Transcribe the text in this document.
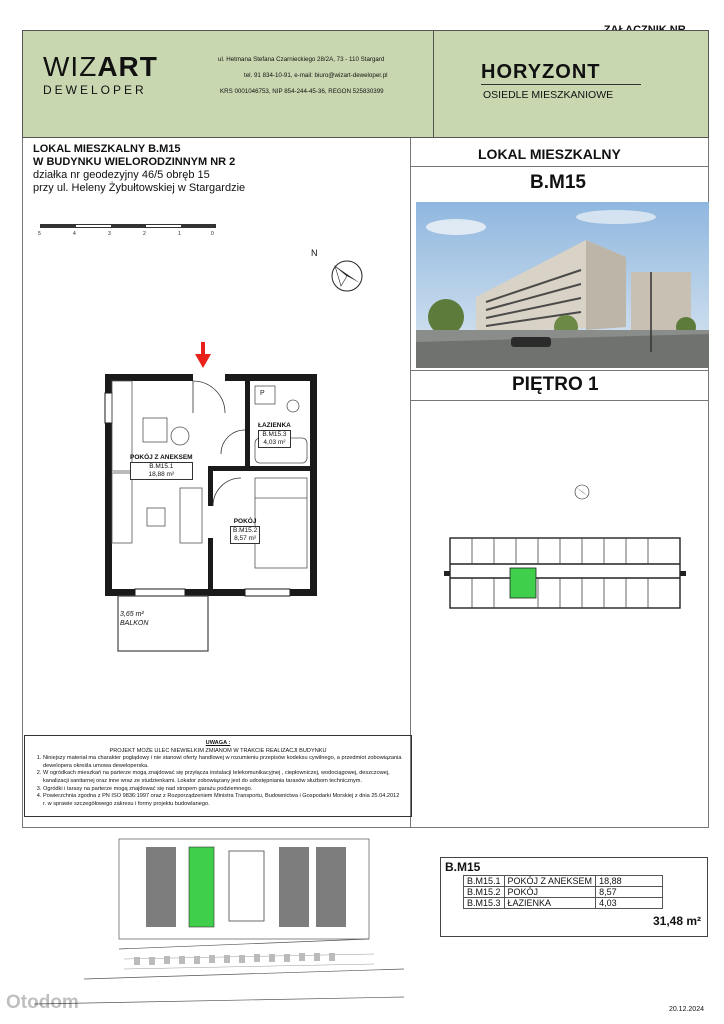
WIZART
DEWELOPER
ul. Hetmana Stefana Czarnieckiego 28/2A, 73 - 110 Stargard
tel. 91 834-10-91, e-mail: biuro@wizart-deweloper.pl
KRS 0001046753, NIP 854-244-45-36, REGON 525830399
HORYZONT
OSIEDLE MIESZKANIOWE
LOKAL MIESZKALNY B.M15
W BUDYNKU WIELORODZINNYM NR 2
działka nr geodezyjny 46/5 obręb 15
przy ul. Heleny Żybułtowskiej w Stargardzie
5	4	3	2	1	0
N
ŁAZIENKA
B.M15.3
4,03 m²
P
POKÓJ Z ANEKSEM
B.M15.1
18,88 m²
POKÓJ
B.M15.2
8,57 m²
3,65 m²
BALKON
UWAGA :
PROJEKT MOŻE ULEC NIEWIELKIM ZMIANOM W TRAKCIE REALIZACJI BUDYNKU
1. Niniejszy materiał ma charakter poglądowy i nie stanowi oferty handlowej w rozumieniu przepisów kodeksu cywilnego, a przedmiot zobowiązania dewelopera określa umowa deweloperska.
2. W ogródkach mieszkań na parterze mogą znajdować się przyłącza instalacji telekomunikacyjnej , ciepłowniczej, wodociągowej, deszczowej, kanalizacji sanitarnej oraz inne wraz ze studzienkami. Lokator zobowiązany jest do udostępniania tarasów służbom technicznym.
3. Ogródki i tarasy na parterze mogą znajdować się nad stropem garażu podziemnego.
4. Powierzchnia zgodna z PN ISO 9836:1997 oraz z Rozporządzeniem Ministra Transportu, Budownictwa i Gospodarki Morskiej z dnia 25.04.2012 r. w sprawie szczegółowego zakresu i formy projektu budowlanego.
LOKAL MIESZKALNY
B.M15
PIĘTRO 1
Otodom
B.M15
B.M15.1	POKÓJ Z ANEKSEM	18,88
B.M15.2	POKÓJ	8,57
B.M15.3	ŁAZIENKA	4,03
31,48 m²
20.12.2024
